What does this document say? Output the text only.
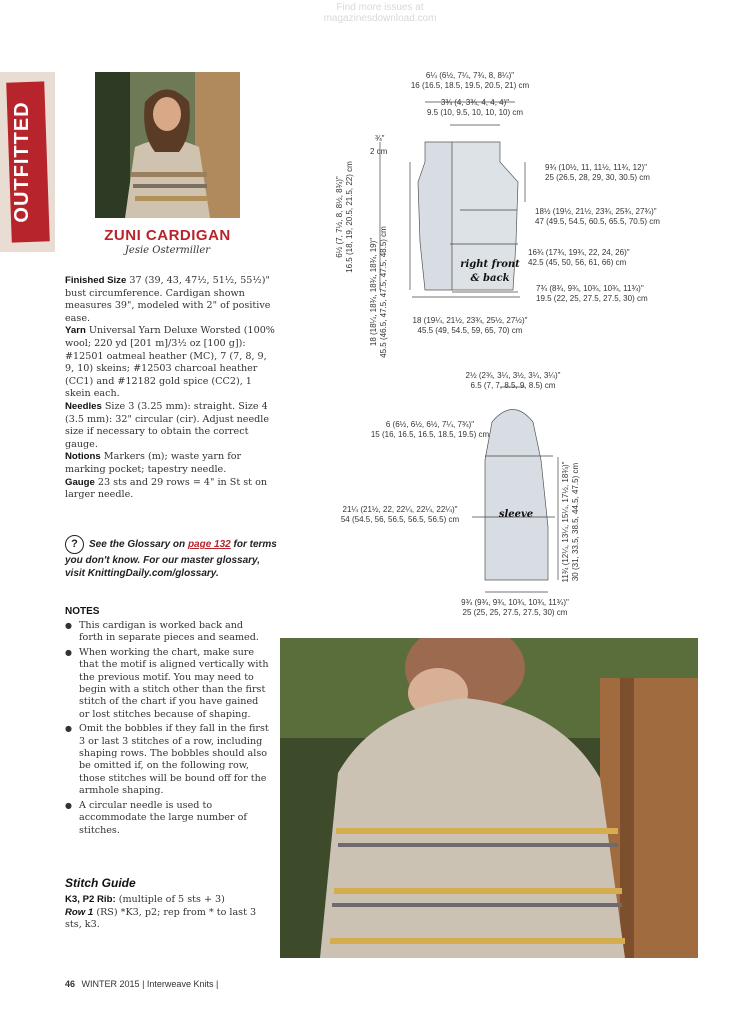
Find more issues at
magazinesdownload.com
OUTFITTED
ZUNI CARDIGAN
Jesie Ostermiller
Finished Size 37 (39, 43, 47½, 51½, 55½)" bust circumference. Cardigan shown measures 39", modeled with 2" of positive ease.
Yarn Universal Yarn Deluxe Worsted (100% wool; 220 yd [201 m]/3½ oz [100 g]): #12501 oatmeal heather (MC), 7 (7, 8, 9, 9, 10) skeins; #12503 charcoal heather (CC1) and #12182 gold spice (CC2), 1 skein each.
Needles Size 3 (3.25 mm): straight. Size 4 (3.5 mm): 32" circular (cir). Adjust needle size if necessary to obtain the correct gauge.
Notions Markers (m); waste yarn for marking pocket; tapestry needle.
Gauge 23 sts and 29 rows = 4" in St st on larger needle.
? See the Glossary on page 132 for terms you don't know. For our master glossary, visit KnittingDaily.com/glossary.
NOTES
● This cardigan is worked back and forth in separate pieces and seamed.
● When working the chart, make sure that the motif is aligned vertically with the previous motif. You may need to begin with a stitch other than the first stitch of the chart if you have gained or lost stitches because of shaping.
● Omit the bobbles if they fall in the first 3 or last 3 stitches of a row, including shaping rows. The bobbles should also be omitted if, on the following row, those stitches will be bound off for the armhole shaping.
● A circular needle is used to accommodate the large number of stitches.
Stitch Guide
K3, P2 Rib: (multiple of 5 sts + 3)
Row 1 (RS) *K3, p2; rep from * to last 3 sts, k3.
46 WINTER 2015 | Interweave Knits |
6¼ (6½, 7¼, 7¾, 8, 8¼)"
16 (16.5, 18.5, 19.5, 20.5, 21) cm
3¾ (4, 3¾, 4, 4, 4)"
9.5 (10, 9.5, 10, 10, 10) cm
¾"
2 cm
9¾ (10½, 11, 11½, 11¾, 12)"
25 (26.5, 28, 29, 30, 30.5) cm
18½ (19½, 21½, 23¾, 25¾, 27¾)"
47 (49.5, 54.5, 60.5, 65.5, 70.5) cm
16¾ (17¾, 19¾, 22, 24, 26)"
42.5 (45, 50, 56, 61, 66) cm
7¾ (8¾, 9¾, 10¾, 10¾, 11¾)"
19.5 (22, 25, 27.5, 27.5, 30) cm
18 (19¼, 21½, 23¾, 25½, 27½)"
45.5 (49, 54.5, 59, 65, 70) cm
6½ (7, 7½, 8, 8½, 8¾)" 16.5 (18, 19, 20.5, 21.5, 22) cm
18 (18¼, 18¾, 18¾, 18¾, 19)" 45.5 (46.5, 47.5, 47.5, 47.5, 48.5) cm	right front
& back
2½ (2¾, 3¼, 3½, 3¼, 3¼)"
6.5 (7, 7, 8.5, 9, 8.5) cm
6 (6½, 6½, 6½, 7¼, 7¾)"
15 (16, 16.5, 16.5, 18.5, 19.5) cm
21¼ (21½, 22, 22¼, 22¼, 22¼)"
54 (54.5, 56, 56.5, 56.5, 56.5) cm	11¾ (12¼, 13¼, 15¼, 17½, 18¾)" 30 (31, 33.5, 38.5, 44.5, 47.5) cm
9¾ (9¾, 9¾, 10¾, 10¾, 11¾)"
25 (25, 25, 27.5, 27.5, 30) cm
sleeve
